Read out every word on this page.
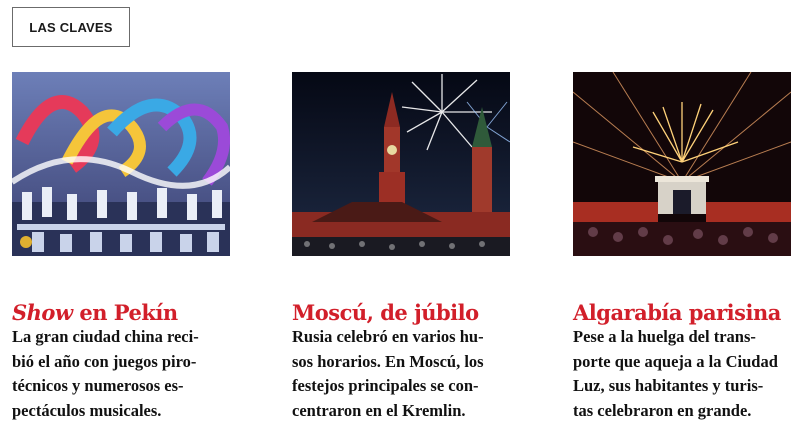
LAS CLAVES
Show en Pekín
La gran ciudad china reci-
bió el año con juegos piro-
técnicos y numerosos es-
pectáculos musicales.
Moscú, de júbilo
Rusia celebró en varios hu-
sos horarios. En Moscú, los
festejos principales se con-
centraron en el Kremlin.
Algarabía parisina
Pese a la huelga del trans-
porte que aqueja a la Ciudad
Luz, sus habitantes y turis-
tas celebraron en grande.
